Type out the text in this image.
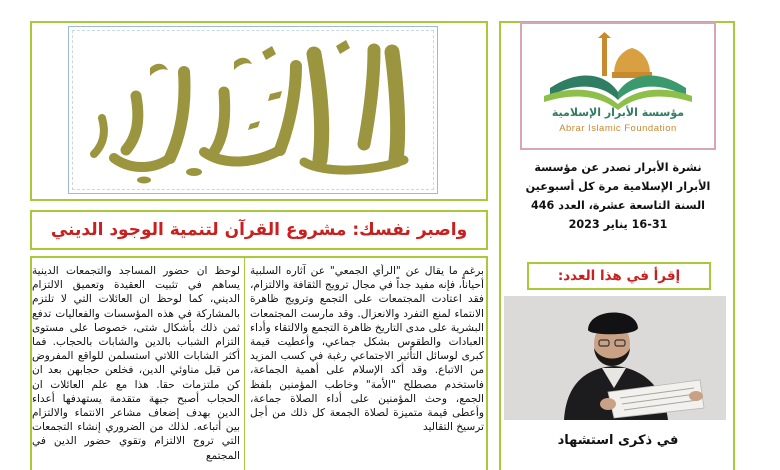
واصبر نفسك: مشروع القرآن لتنمية الوجود الديني
برغم ما يقال عن "الرأي الجمعي" عن آثاره السلبية أحياناً، فإنه مفيد جداً في مجال ترويج الثقافة والالتزام، فقد اعتادت المجتمعات على التجمع وترويج ظاهرة الانتماء لمنع التفرد والانعزال. وقد مارست المجتمعات البشرية على مدى التاريخ ظاهرة التجمع والالتقاء وأداء العبادات والطقوس بشكل جماعي، وأعطيت قيمة كبرى لوسائل التأثير الاجتماعي رغبة في كسب المزيد من الاتباع. وقد أكد الإسلام على أهمية الجماعة، فاستخدم مصطلح "الأمة" وخاطب المؤمنين بلفظ الجمع، وحث المؤمنين على أداء الصلاة جماعة، وأعطى قيمة متميزة لصلاة الجمعة كل ذلك من أجل ترسيخ التقاليد
لوحظ ان حضور المساجد والتجمعات الدينية يساهم في تثبيت العقيدة وتعميق الالتزام الديني، كما لوحظ ان العائلات التي لا تلتزم بالمشاركة في هذه المؤسسات والفعاليات تدفع ثمن ذلك بأشكال شتى، خصوصا على مستوى التزام الشباب بالدين والشابات بالحجاب. فما أكثر الشابات اللاتي استسلمن للواقع المفروض من قبل مناوئي الدين، فخلعن حجابهن بعد ان كن ملتزمات حقا. هذا مع علم العائلات ان الحجاب أصبح جبهة متقدمة يستهدفها أعداء الدين بهدف إضعاف مشاعر الانتماء والالتزام بين أتباعه. لذلك من الضروري إنشاء التجمعات التي تروج الالتزام وتقوي حضور الدين في المجتمع
مؤسسة الأبرار الإسلامية
Abrar Islamic Foundation
نشرة الأبرار تصدر عن مؤسسة
الأبرار الإسلامية مرة كل أسبوعين
السنة التاسعة عشرة، العدد 446
16-31 يناير 2023
إقرأ في هذا العدد:
في ذكرى استشهاد
